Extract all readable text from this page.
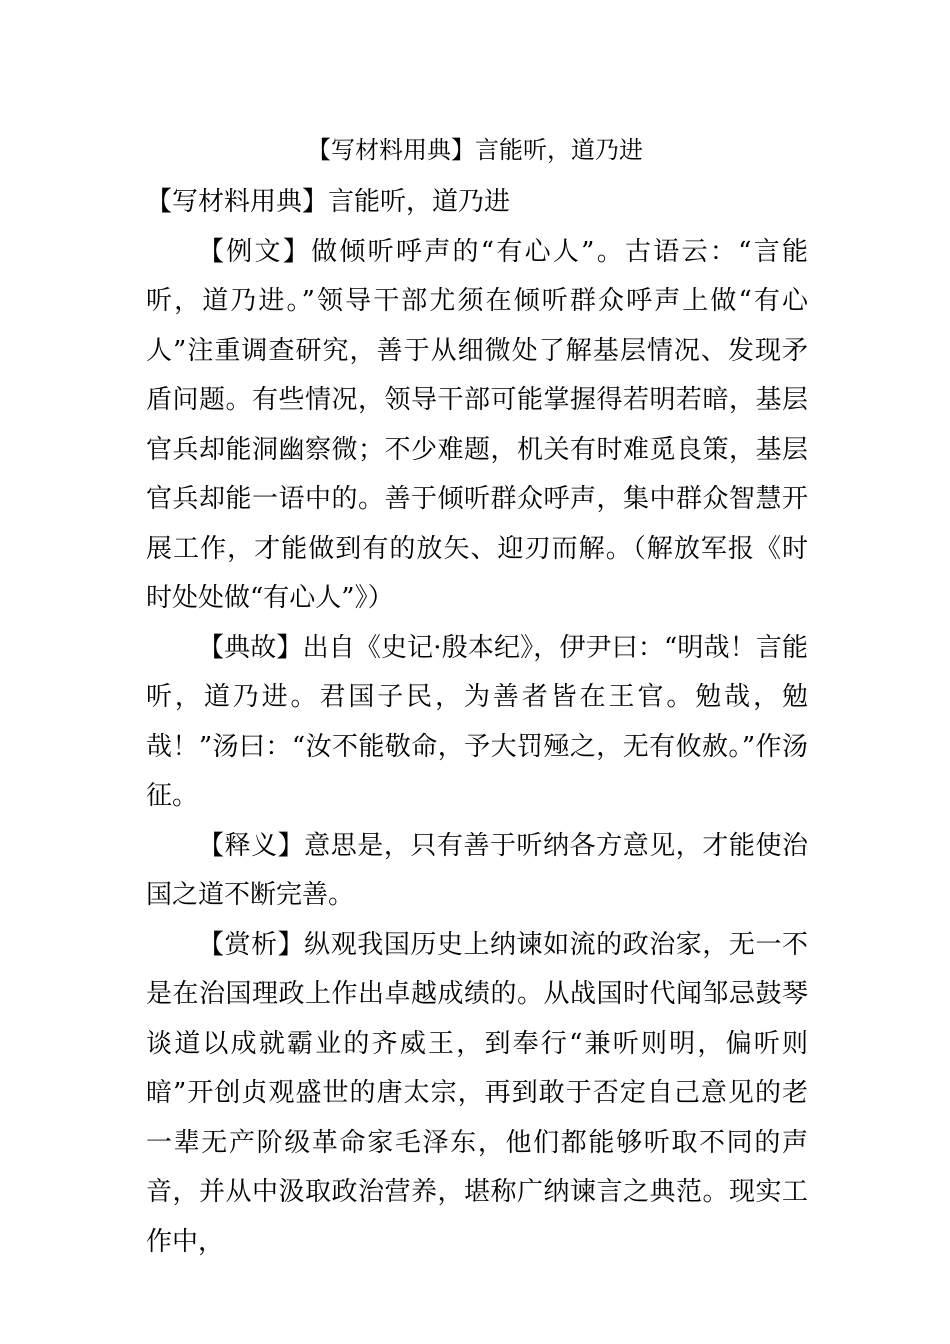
【写材料用典】言能听，道乃进

【写材料用典】言能听，道乃进

【例文】做倾听呼声的“有心人”。古语云：“言能听，道乃进。”领导干部尤须在倾听群众呼声上做“有心人”注重调查研究，善于从细微处了解基层情况、发现矛盾问题。有些情况，领导干部可能掌握得若明若暗，基层官兵却能洞幽察微；不少难题，机关有时难觅良策，基层官兵却能一语中的。善于倾听群众呼声，集中群众智慧开展工作，才能做到有的放矢、迎刃而解。（解放军报《时时处处做“有心人”》）

【典故】出自《史记·殷本纪》，伊尹曰：“明哉！言能听，道乃进。君国子民，为善者皆在王官。勉哉，勉哉！”汤曰：“汝不能敬命，予大罚殛之，无有攸赦。”作汤征。

【释义】意思是，只有善于听纳各方意见，才能使治国之道不断完善。

【赏析】纵观我国历史上纳谏如流的政治家，无一不是在治国理政上作出卓越成绩的。从战国时代闻邹忌鼓琴谈道以成就霸业的齐威王，到奉行“兼听则明，偏听则暗”开创贞观盛世的唐太宗，再到敢于否定自己意见的老一辈无产阶级革命家毛泽东，他们都能够听取不同的声音，并从中汲取政治营养，堪称广纳谏言之典范。现实工作中，
